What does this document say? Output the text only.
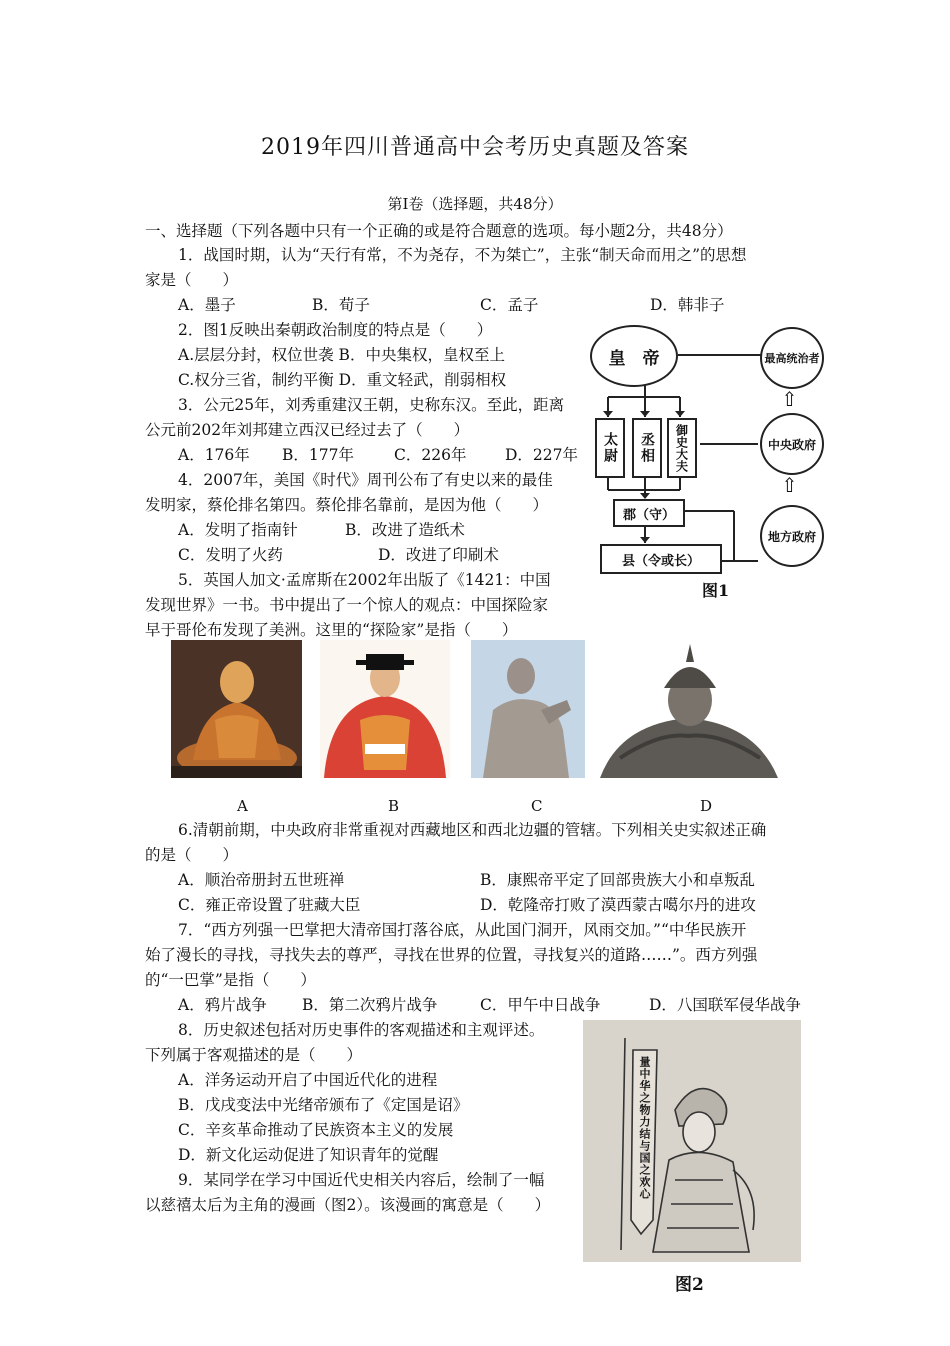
2019年四川普通高中会考历史真题及答案
第Ⅰ卷（选择题，共48分）
一、选择题（下列各题中只有一个正确的或是符合题意的选项。每小题2分，共48分）
1．战国时期，认为“天行有常，不为尧存，不为桀亡”，主张“制天命而用之”的思想
家是（　　）
A．墨子	B．荀子	C．孟子	D．韩非子
2．图1反映出秦朝政治制度的特点是（　　）
A.层层分封，权位世袭 B．中央集权，皇权至上
C.权分三省，制约平衡 D．重文轻武，削弱相权
3．公元25年，刘秀重建汉王朝，史称东汉。至此，距离
公元前202年刘邦建立西汉已经过去了（　　）
A．176年 B．177年	C．226年 D．227年
4．2007年，美国《时代》周刊公布了有史以来的最佳
发明家，蔡伦排名第四。蔡伦排名靠前，是因为他（　　）
A．发明了指南针	B．改进了造纸术
C．发明了火药	D．改进了印刷术
5．英国人加文·孟席斯在2002年出版了《1421：中国
发现世界》一书。书中提出了一个惊人的观点：中国探险家
早于哥伦布发现了美洲。这里的“探险家”是指（　　）
皇　帝	最高统治者
⇧
中央政府
⇧
地方政府
太尉	丞相	御史大夫
郡（守）
县（令或长）
图1
A	B	C	D
6.清朝前期，中央政府非常重视对西藏地区和西北边疆的管辖。下列相关史实叙述正确
的是（　　）
A．顺治帝册封五世班禅	B．康熙帝平定了回部贵族大小和卓叛乱
C．雍正帝设置了驻藏大臣	D．乾隆帝打败了漠西蒙古噶尔丹的进攻
7．“西方列强一巴掌把大清帝国打落谷底，从此国门洞开，风雨交加。”“中华民族开
始了漫长的寻找，寻找失去的尊严，寻找在世界的位置，寻找复兴的道路……”。西方列强
的“一巴掌”是指（　　）
A．鸦片战争 B．第二次鸦片战争	C．甲午中日战争	D．八国联军侵华战争
8．历史叙述包括对历史事件的客观描述和主观评述。
下列属于客观描述的是（　　）
A．洋务运动开启了中国近代化的进程
B．戊戌变法中光绪帝颁布了《定国是诏》
C．辛亥革命推动了民族资本主义的发展
D．新文化运动促进了知识青年的觉醒
9．某同学在学习中国近代史相关内容后，绘制了一幅
以慈禧太后为主角的漫画（图2）。该漫画的寓意是（　　）
量中华之物力结与国之欢心
图2
